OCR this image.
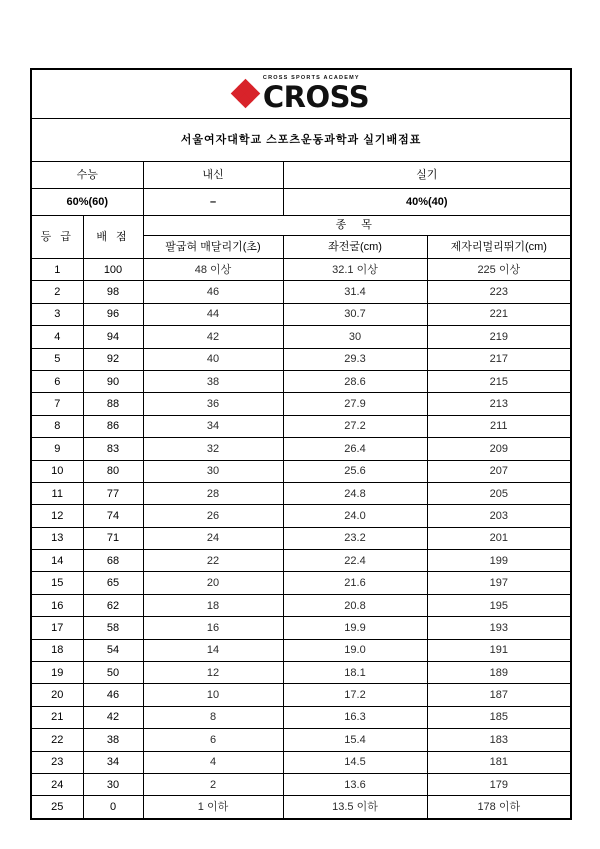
CROSS SPORTS ACADEMY
CROSS				

서울여자대학교 스포츠운동과학과 실기배점표				
수능		내신	실기	
60%(60)		–	40%(40)	
등 급	배 점	종 목		
		팔굽혀 매달리기(초)	좌전굴(cm)	제자리멀리뛰기(cm)
1	100	48 이상	32.1 이상	225 이상
2	98	46	31.4	223
3	96	44	30.7	221
4	94	42	30	219
5	92	40	29.3	217
6	90	38	28.6	215
7	88	36	27.9	213
8	86	34	27.2	211
9	83	32	26.4	209
10	80	30	25.6	207
11	77	28	24.8	205
12	74	26	24.0	203
13	71	24	23.2	201
14	68	22	22.4	199
15	65	20	21.6	197
16	62	18	20.8	195
17	58	16	19.9	193
18	54	14	19.0	191
19	50	12	18.1	189
20	46	10	17.2	187
21	42	8	16.3	185
22	38	6	15.4	183
23	34	4	14.5	181
24	30	2	13.6	179
25	0	1 이하	13.5 이하	178 이하
